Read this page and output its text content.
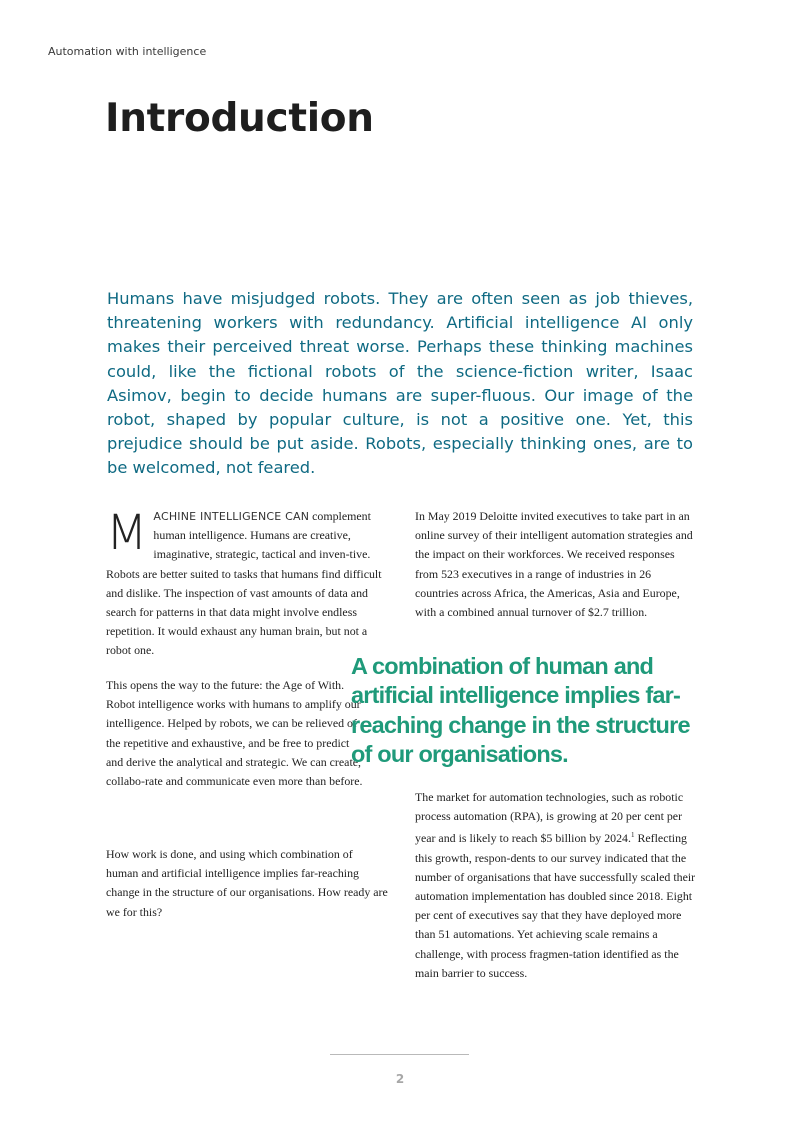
Automation with intelligence
Introduction

Humans have misjudged robots. They are often seen as job thieves, threatening workers with redundancy. Artificial intelligence AI only makes their perceived threat worse. Perhaps these thinking machines could, like the fictional robots of the science-fiction writer, Isaac Asimov, begin to decide humans are super-fluous. Our image of the robot, shaped by popular culture, is not a positive one. Yet, this prejudice should be put aside. Robots, especially thinking ones, are to be welcomed, not feared.

MACHINE INTELLIGENCE CAN complement human intelligence. Humans are creative, imaginative, strategic, tactical and inven-tive. Robots are better suited to tasks that humans find difficult and dislike. The inspection of vast amounts of data and search for patterns in that data might involve endless repetition. It would exhaust any human brain, but not a robot one.

This opens the way to the future: the Age of With. Robot intelligence works with humans to amplify our intelligence. Helped by robots, we can be relieved of the repetitive and exhaustive, and be free to predict and derive the analytical and strategic. We can create, collabo-rate and communicate even more than before.

How work is done, and using which combination of human and artificial intelligence implies far-reaching change in the structure of our organisations. How ready are we for this?

In May 2019 Deloitte invited executives to take part in an online survey of their intelligent automation strategies and the impact on their workforces. We received responses from 523 executives in a range of industries in 26 countries across Africa, the Americas, Asia and Europe, with a combined annual turnover of $2.7 trillion.

A combination of human and artificial intelligence implies far-reaching change in the structure of our organisations.

The market for automation technologies, such as robotic process automation (RPA), is growing at 20 per cent per year and is likely to reach $5 billion by 2024.$^1$ Reflecting this growth, respon-dents to our survey indicated that the number of organisations that have successfully scaled their automation implementation has doubled since 2018. Eight per cent of executives say that they have deployed more than 51 automations. Yet achieving scale remains a challenge, with process fragmen-tation identified as the main barrier to success.

2
